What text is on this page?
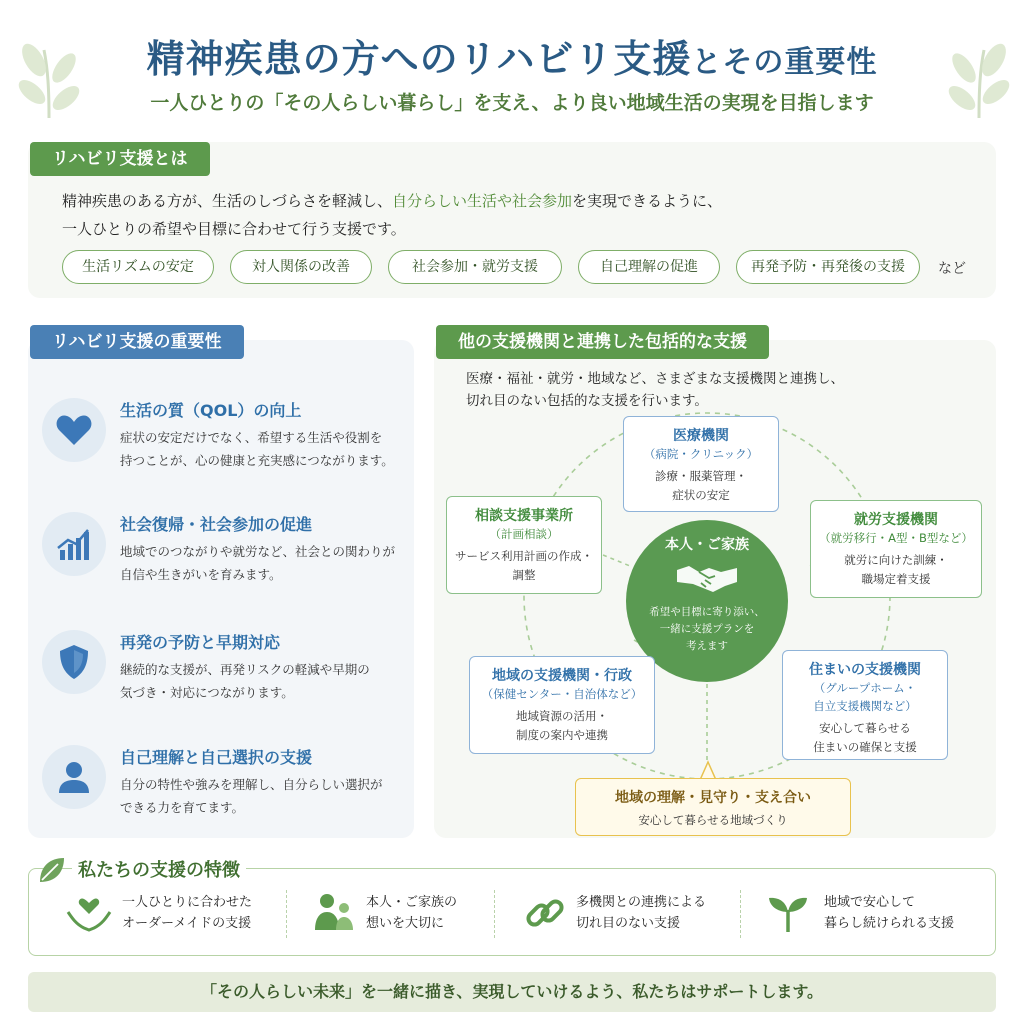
精神疾患の方へのリハビリ支援とその重要性
一人ひとりの「その人らしい暮らし」を支え、より良い地域生活の実現を目指します
リハビリ支援とは
精神疾患のある方が、生活のしづらさを軽減し、自分らしい生活や社会参加を実現できるように、
一人ひとりの希望や目標に合わせて行う支援です。
生活リズムの安定	対人関係の改善	社会参加・就労支援	自己理解の促進	再発予防・再発後の支援	など
リハビリ支援の重要性
生活の質（QOL）の向上
症状の安定だけでなく、希望する生活や役割を
持つことが、心の健康と充実感につながります。
社会復帰・社会参加の促進
地域でのつながりや就労など、社会との関わりが
自信や生きがいを育みます。
再発の予防と早期対応
継続的な支援が、再発リスクの軽減や早期の
気づき・対応につながります。
自己理解と自己選択の支援
自分の特性や強みを理解し、自分らしい選択が
できる力を育てます。
他の支援機関と連携した包括的な支援
医療・福祉・就労・地域など、さまざまな支援機関と連携し、
切れ目のない包括的な支援を行います。
医療機関
（病院・クリニック）
診療・服薬管理・
症状の安定
相談支援事業所
（計画相談）
サービス利用計画の作成・
調整
就労支援機関
（就労移行・A型・B型など）
就労に向けた訓練・
職場定着支援
本人・ご家族
希望や目標に寄り添い、
一緒に支援プランを
考えます
地域の支援機関・行政
（保健センター・自治体など）
地域資源の活用・
制度の案内や連携
住まいの支援機関
（グループホーム・
自立支援機関など）
安心して暮らせる
住まいの確保と支援
地域の理解・見守り・支え合い
安心して暮らせる地域づくり
私たちの支援の特徴
一人ひとりに合わせた
オーダーメイドの支援
本人・ご家族の
想いを大切に
多機関との連携による
切れ目のない支援
地域で安心して
暮らし続けられる支援
「その人らしい未来」を一緒に描き、実現していけるよう、私たちはサポートします。
